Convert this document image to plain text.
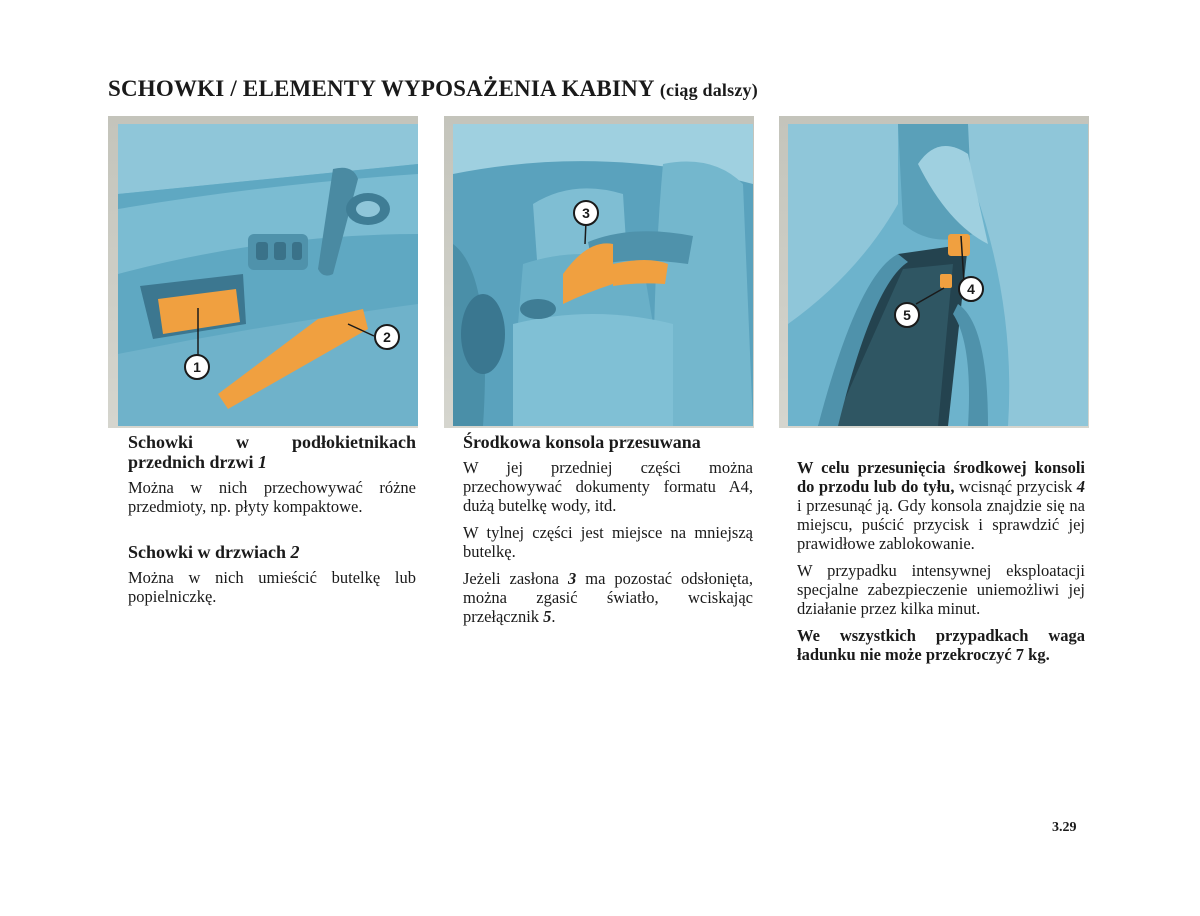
SCHOWKI / ELEMENTY WYPOSAŻENIA KABINY (ciąg dalszy)
1
2
3
5
4
Schowki w podłokietnikach przednich drzwi 1

Można w nich przechowywać różne przedmioty, np. płyty kompaktowe.

Schowki w drzwiach 2

Można w nich umieścić butelkę lub popielniczkę.

Środkowa konsola przesuwana

W jej przedniej części można przechowywać dokumenty formatu A4, dużą butelkę wody, itd.

W tylnej części jest miejsce na mniejszą butelkę.

Jeżeli zasłona 3 ma pozostać odsłonięta, można zgasić światło, wciskając przełącznik 5.

W celu przesunięcia środkowej konsoli do przodu lub do tyłu, wcisnąć przycisk 4 i przesunąć ją. Gdy konsola znajdzie się na miejscu, puścić przycisk i sprawdzić jej prawidłowe zablokowanie.

W przypadku intensywnej eksploatacji specjalne zabezpieczenie uniemożliwi jej działanie przez kilka minut.

We wszystkich przypadkach waga ładunku nie może przekroczyć 7 kg.

3.29
